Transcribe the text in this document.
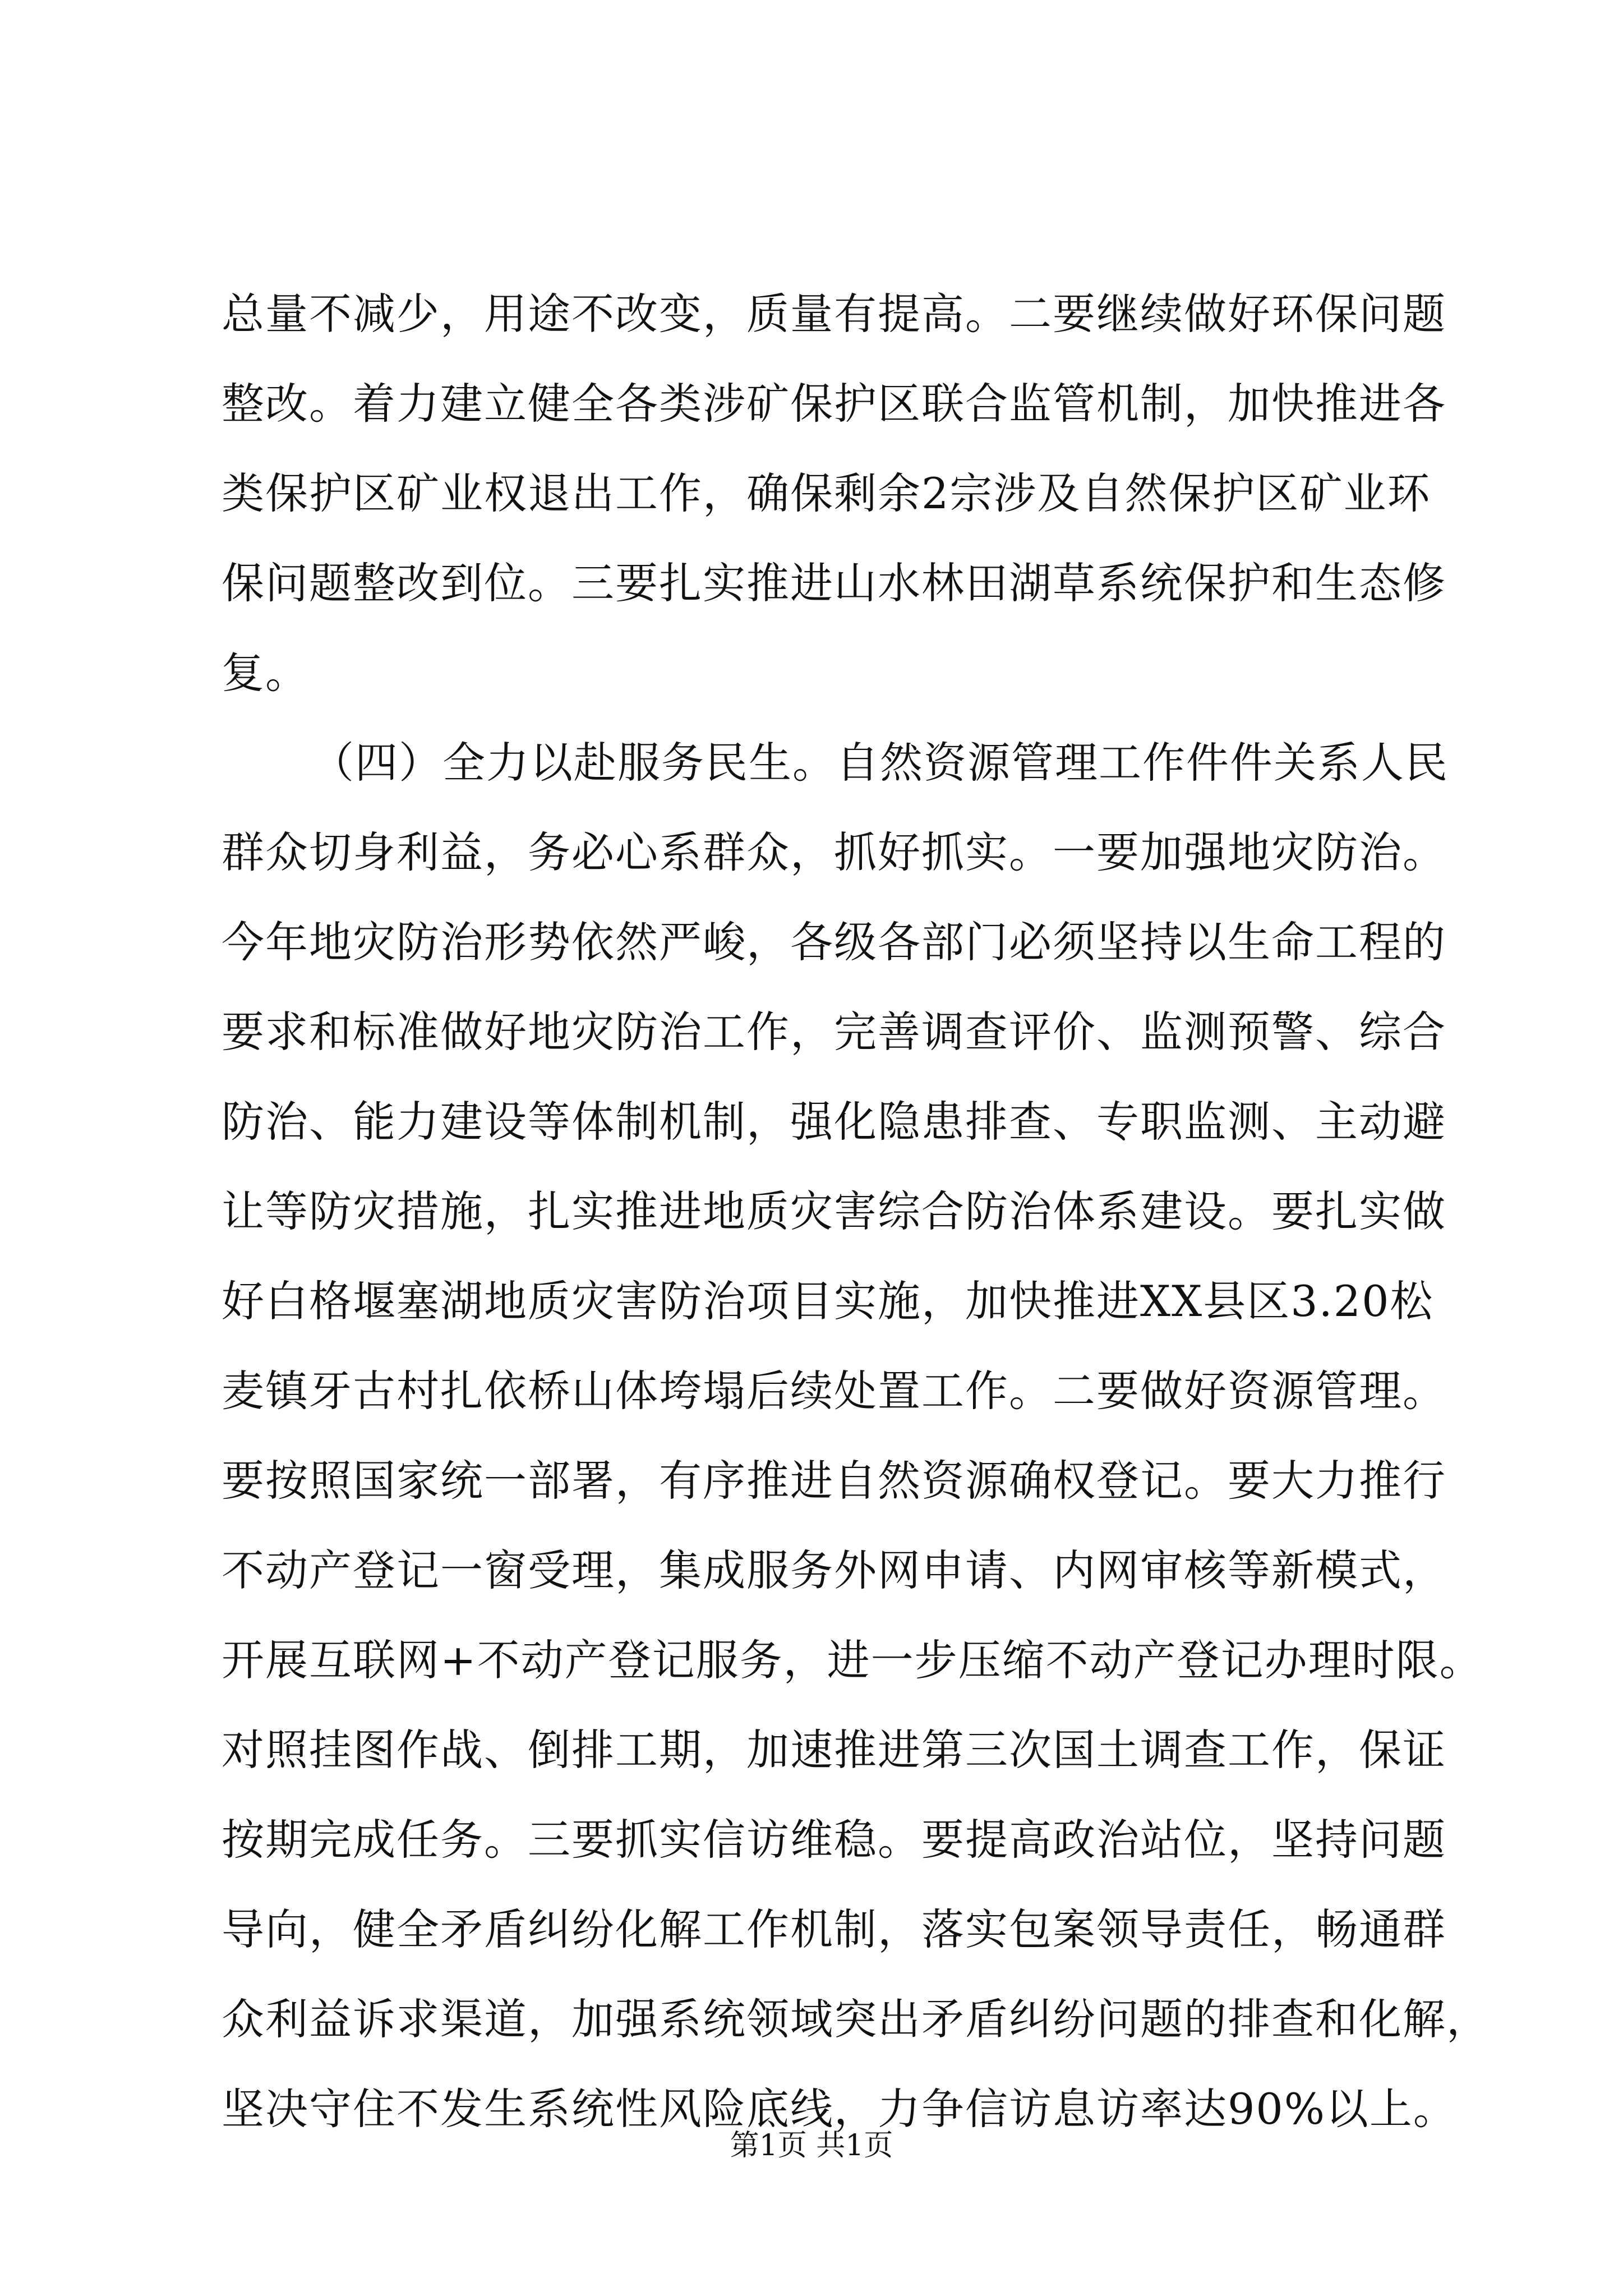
总量不减少，用途不改变，质量有提高。二要继续做好环保问题
整改。着力建立健全各类涉矿保护区联合监管机制，加快推进各
类保护区矿业权退出工作，确保剩余2宗涉及自然保护区矿业环
保问题整改到位。三要扎实推进山水林田湖草系统保护和生态修
复。
（四）全力以赴服务民生。自然资源管理工作件件关系人民
群众切身利益，务必心系群众，抓好抓实。一要加强地灾防治。
今年地灾防治形势依然严峻，各级各部门必须坚持以生命工程的
要求和标准做好地灾防治工作，完善调查评价、监测预警、综合
防治、能力建设等体制机制，强化隐患排查、专职监测、主动避
让等防灾措施，扎实推进地质灾害综合防治体系建设。要扎实做
好白格堰塞湖地质灾害防治项目实施，加快推进XX县区3.20松
麦镇牙古村扎依桥山体垮塌后续处置工作。二要做好资源管理。
要按照国家统一部署，有序推进自然资源确权登记。要大力推行
不动产登记一窗受理，集成服务外网申请、内网审核等新模式，
开展互联网+不动产登记服务，进一步压缩不动产登记办理时限。
对照挂图作战、倒排工期，加速推进第三次国土调查工作，保证
按期完成任务。三要抓实信访维稳。要提高政治站位，坚持问题
导向，健全矛盾纠纷化解工作机制，落实包案领导责任，畅通群
众利益诉求渠道，加强系统领域突出矛盾纠纷问题的排查和化解，
坚决守住不发生系统性风险底线，力争信访息访率达90%以上。
第1页 共1页
